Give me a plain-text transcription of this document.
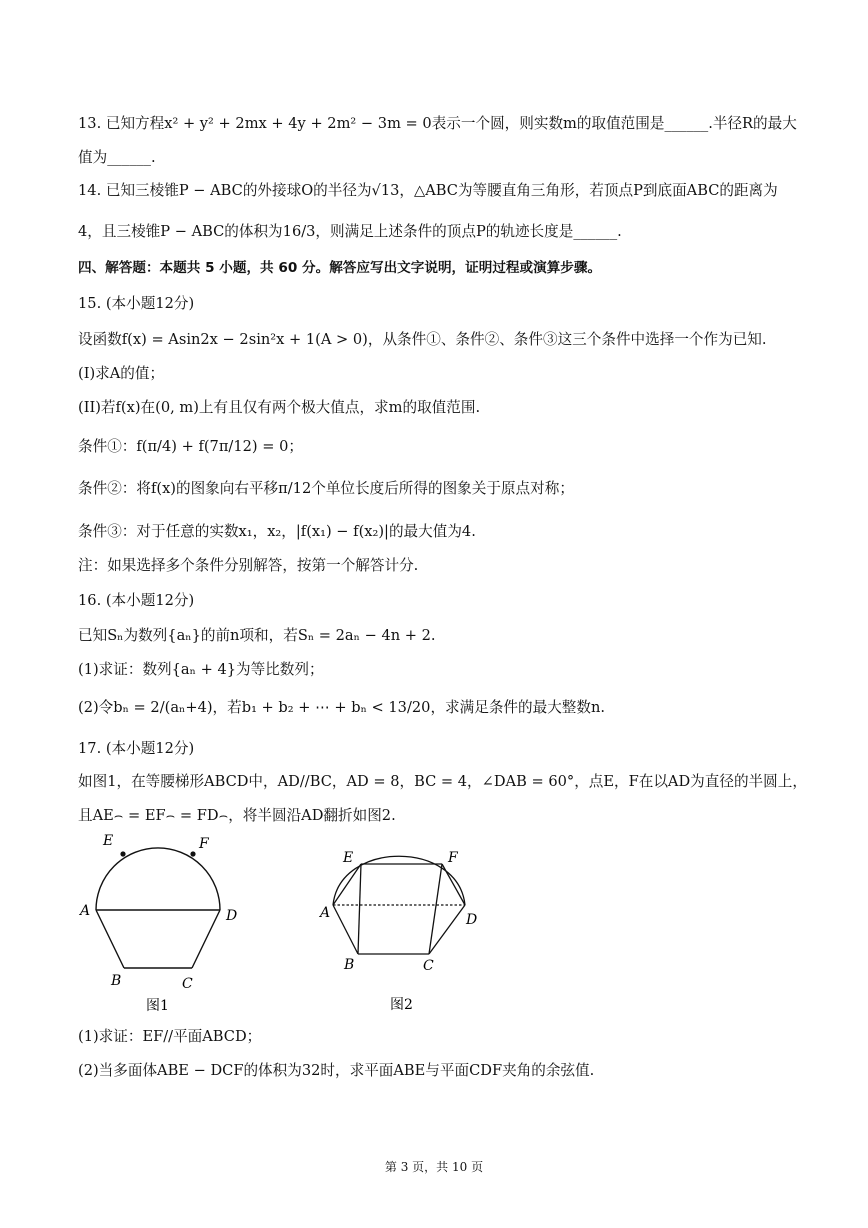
13. 已知方程x² + y² + 2mx + 4y + 2m² − 3m = 0表示一个圆，则实数m的取值范围是______.半径R的最大
值为______.
14. 已知三棱锥P − ABC的外接球O的半径为√13，△ABC为等腰直角三角形，若顶点P到底面ABC的距离为
4，且三棱锥P − ABC的体积为16/3，则满足上述条件的顶点P的轨迹长度是______.
四、解答题：本题共 5 小题，共 60 分。解答应写出文字说明，证明过程或演算步骤。
15. (本小题12分)
设函数f(x) = Asin2x − 2sin²x + 1(A > 0)，从条件①、条件②、条件③这三个条件中选择一个作为已知.
(I)求A的值；
(II)若f(x)在(0, m)上有且仅有两个极大值点，求m的取值范围.
条件①：f(π/4) + f(7π/12) = 0；
条件②：将f(x)的图象向右平移π/12个单位长度后所得的图象关于原点对称；
条件③：对于任意的实数x₁，x₂，|f(x₁) − f(x₂)|的最大值为4.
注：如果选择多个条件分别解答，按第一个解答计分.
16. (本小题12分)
已知Sₙ为数列{aₙ}的前n项和，若Sₙ = 2aₙ − 4n + 2.
(1)求证：数列{aₙ + 4}为等比数列；
(2)令bₙ = 2/(aₙ+4)，若b₁ + b₂ + ⋯ + bₙ < 13/20，求满足条件的最大整数n.
17. (本小题12分)
如图1，在等腰梯形ABCD中，AD//BC，AD = 8，BC = 4，∠DAB = 60°，点E，F在以AD为直径的半圆上，
且AE⌢ = EF⌢ = FD⌢，将半圆沿AD翻折如图2.
E	F
A	D
B	C
图1
E	F
A	D
B	C
图2
(1)求证：EF//平面ABCD；
(2)当多面体ABE − DCF的体积为32时，求平面ABE与平面CDF夹角的余弦值.
第 3 页，共 10 页
